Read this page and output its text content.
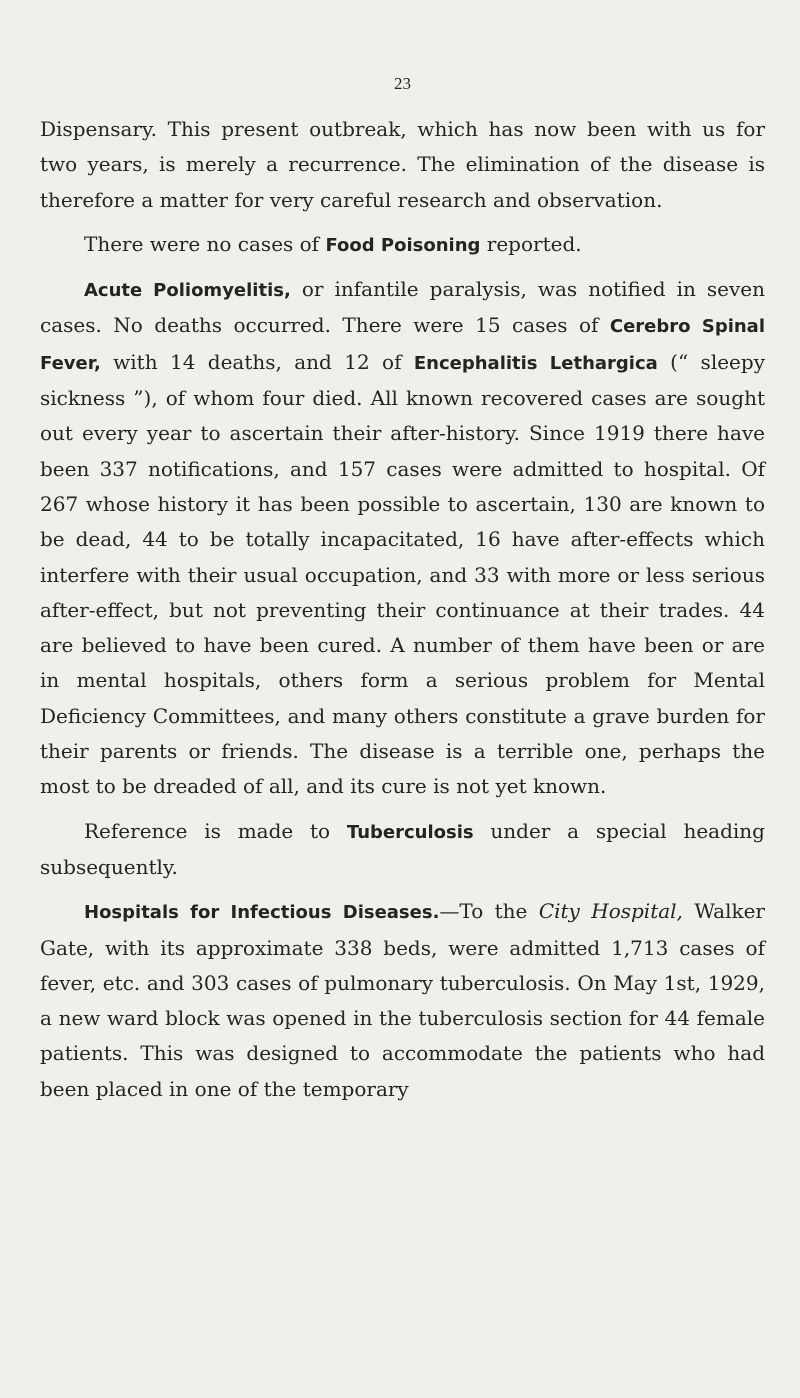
23

Dispensary. This present outbreak, which has now been with us for two years, is merely a recurrence. The elimination of the disease is therefore a matter for very careful research and observation.

There were no cases of Food Poisoning reported.

Acute Poliomyelitis, or infantile paralysis, was notified in seven cases. No deaths occurred. There were 15 cases of Cerebro Spinal Fever, with 14 deaths, and 12 of Encephalitis Lethargica (“ sleepy sickness ”), of whom four died. All known recovered cases are sought out every year to ascertain their after-history. Since 1919 there have been 337 notifications, and 157 cases were admitted to hospital. Of 267 whose history it has been possible to ascertain, 130 are known to be dead, 44 to be totally incapacitated, 16 have after-effects which interfere with their usual occupation, and 33 with more or less serious after-effect, but not preventing their continuance at their trades. 44 are believed to have been cured. A number of them have been or are in mental hospitals, others form a serious problem for Mental Deficiency Committees, and many others constitute a grave burden for their parents or friends. The disease is a terrible one, perhaps the most to be dreaded of all, and its cure is not yet known.

Reference is made to Tuberculosis under a special heading subsequently.

Hospitals for Infectious Diseases.—To the City Hospital, Walker Gate, with its approximate 338 beds, were admitted 1,713 cases of fever, etc. and 303 cases of pulmonary tuberculosis. On May 1st, 1929, a new ward block was opened in the tuberculosis section for 44 female patients. This was designed to accommodate the patients who had been placed in one of the temporary
